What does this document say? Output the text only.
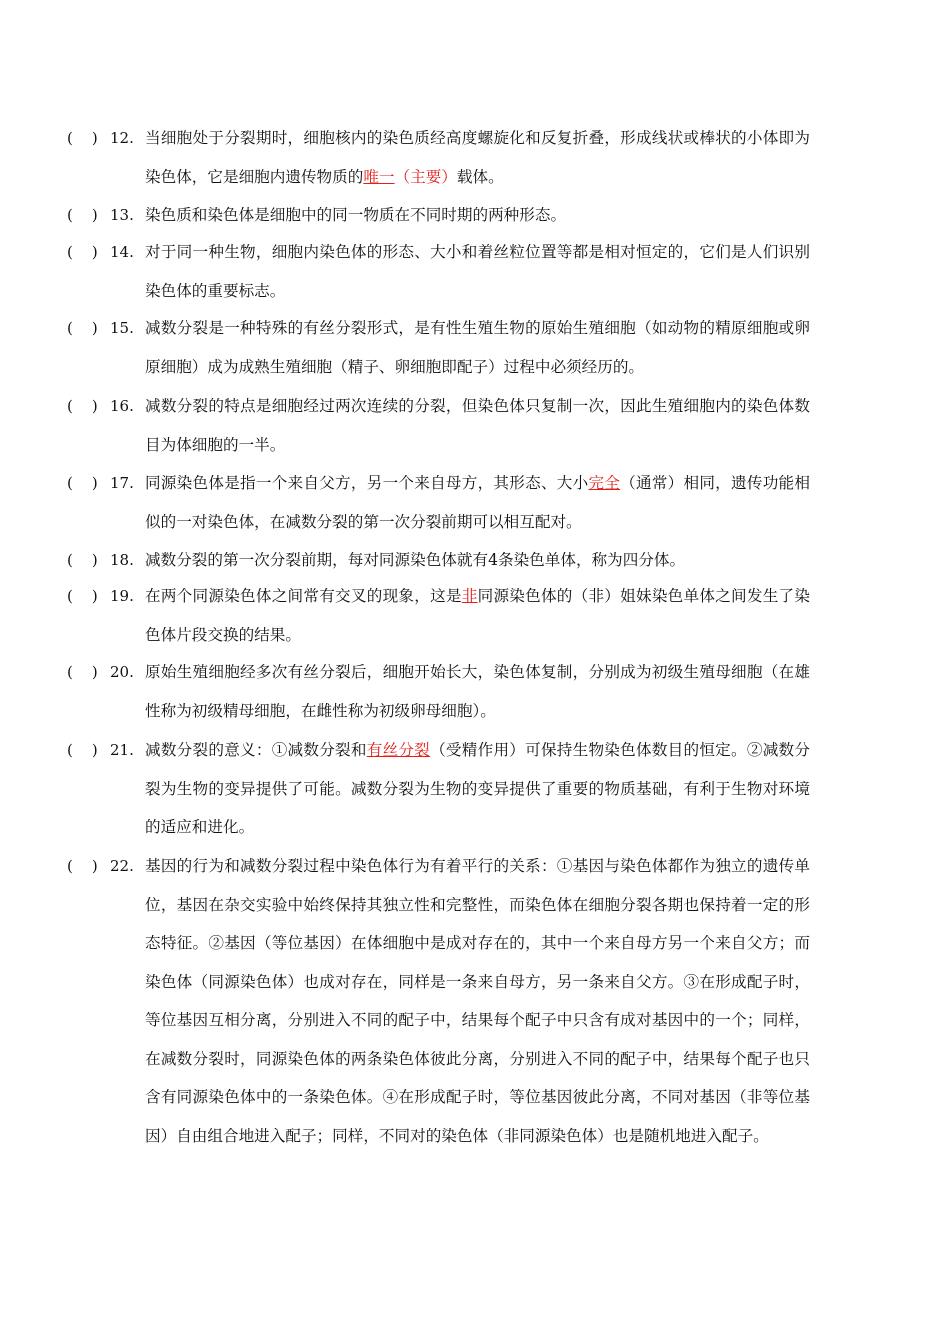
(    ) 12. 当细胞处于分裂期时，细胞核内的染色质经高度螺旋化和反复折叠，形成线状或棒状的小体即为染色体，它是细胞内遗传物质的唯一（主要）载体。
(    ) 13. 染色质和染色体是细胞中的同一物质在不同时期的两种形态。
(    ) 14. 对于同一种生物，细胞内染色体的形态、大小和着丝粒位置等都是相对恒定的，它们是人们识别染色体的重要标志。
(    ) 15. 减数分裂是一种特殊的有丝分裂形式，是有性生殖生物的原始生殖细胞（如动物的精原细胞或卵原细胞）成为成熟生殖细胞（精子、卵细胞即配子）过程中必须经历的。
(    ) 16. 减数分裂的特点是细胞经过两次连续的分裂，但染色体只复制一次，因此生殖细胞内的染色体数目为体细胞的一半。
(    ) 17. 同源染色体是指一个来自父方，另一个来自母方，其形态、大小完全（通常）相同，遗传功能相似的一对染色体，在减数分裂的第一次分裂前期可以相互配对。
(    ) 18. 减数分裂的第一次分裂前期，每对同源染色体就有4条染色单体，称为四分体。
(    ) 19. 在两个同源染色体之间常有交叉的现象，这是非同源染色体的（非）姐妹染色单体之间发生了染色体片段交换的结果。
(    ) 20. 原始生殖细胞经多次有丝分裂后，细胞开始长大，染色体复制，分别成为初级生殖母细胞（在雄性称为初级精母细胞，在雌性称为初级卵母细胞）。
(    ) 21. 减数分裂的意义：①减数分裂和有丝分裂（受精作用）可保持生物染色体数目的恒定。②减数分裂为生物的变异提供了可能。减数分裂为生物的变异提供了重要的物质基础，有利于生物对环境的适应和进化。
(    ) 22. 基因的行为和减数分裂过程中染色体行为有着平行的关系：①基因与染色体都作为独立的遗传单位，基因在杂交实验中始终保持其独立性和完整性，而染色体在细胞分裂各期也保持着一定的形态特征。②基因（等位基因）在体细胞中是成对存在的，其中一个来自母方另一个来自父方；而染色体（同源染色体）也成对存在，同样是一条来自母方，另一条来自父方。③在形成配子时，等位基因互相分离，分别进入不同的配子中，结果每个配子中只含有成对基因中的一个；同样，在减数分裂时，同源染色体的两条染色体彼此分离，分别进入不同的配子中，结果每个配子也只含有同源染色体中的一条染色体。④在形成配子时，等位基因彼此分离，不同对基因（非等位基因）自由组合地进入配子；同样，不同对的染色体（非同源染色体）也是随机地进入配子。
